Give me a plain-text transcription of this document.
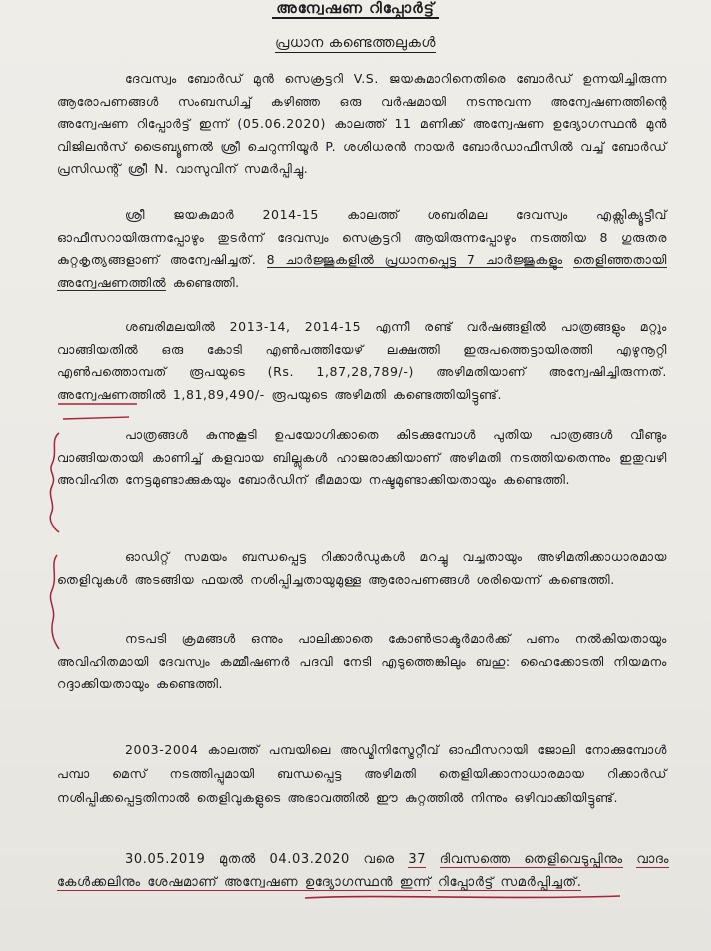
അന്വേഷണ റിപ്പോർട്ട്
പ്രധാന കണ്ടെത്തലുകൾ
ദേവസ്വം ബോർഡ് മുൻ സെക്രട്ടറി V.S. ജയകുമാറിനെതിരെ ബോർഡ് ഉന്നയിച്ചിരുന്ന ആരോപണങ്ങൾ സംബന്ധിച്ച് കഴിഞ്ഞ ഒരു വർഷമായി നടന്നുവന്ന അന്വേഷണത്തിന്റെ അന്വേഷണ റിപ്പോർട്ട് ഇന്ന് (05.06.2020) കാലത്ത് 11 മണിക്ക് അന്വേഷണ ഉദ്യോഗസ്ഥൻ മുൻ വിജിലൻസ് ട്രൈബ്യൂണൽ ശ്രീ ചെറുന്നിയൂർ P. ശശിധരൻ നായർ ബോർഡാഫീസിൽ വച്ച് ബോർഡ് പ്രസിഡന്റ് ശ്രീ N. വാസുവിന് സമർപ്പിച്ചു.
ശ്രീ ജയകുമാർ 2014-15 കാലത്ത് ശബരിമല ദേവസ്വം എക്സിക്യൂട്ടീവ് ഓഫീസറായിരുന്നപ്പോഴും തുടർന്ന് ദേവസ്വം സെക്രട്ടറി ആയിരുന്നപ്പോഴും നടത്തിയ 8 ഗുരുതര കുറ്റകൃത്യങ്ങളാണ് അന്വേഷിച്ചത്. 8 ചാർജ്ജുകളിൽ പ്രധാനപ്പെട്ട 7 ചാർജ്ജുകളും തെളിഞ്ഞതായി അന്വേഷണത്തിൽ കണ്ടെത്തി.
ശബരിമലയിൽ 2013-14, 2014-15 എന്നീ രണ്ട് വർഷങ്ങളിൽ പാത്രങ്ങളും മറ്റും വാങ്ങിയതിൽ ഒരു കോടി എൺപത്തിയേഴ് ലക്ഷത്തി ഇരുപത്തെട്ടായിരത്തി എഴുനൂറ്റി എൺപത്തൊമ്പത് രൂപയുടെ (Rs. 1,87,28,789/-) അഴിമതിയാണ് അന്വേഷിച്ചിരുന്നത്. അന്വേഷണത്തിൽ 1,81,89,490/- രൂപയുടെ അഴിമതി കണ്ടെത്തിയിട്ടുണ്ട്.
പാത്രങ്ങൾ കുന്നുകൂടി ഉപയോഗിക്കാതെ കിടക്കുമ്പോൾ പുതിയ പാത്രങ്ങൾ വീണ്ടും വാങ്ങിയതായി കാണിച്ച് കളവായ ബില്ലുകൾ ഹാജരാക്കിയാണ് അഴിമതി നടത്തിയതെന്നും ഇതുവഴി അവിഹിത നേട്ടമുണ്ടാക്കുകയും ബോർഡിന് ഭീമമായ നഷ്ടമുണ്ടാക്കിയതായും കണ്ടെത്തി.
ഓഡിറ്റ് സമയം ബന്ധപ്പെട്ട റിക്കാർഡുകൾ മറച്ചു വച്ചതായും അഴിമതിക്കാധാരമായ തെളിവുകൾ അടങ്ങിയ ഫയൽ നശിപ്പിച്ചതായുമുള്ള ആരോപണങ്ങൾ ശരിയെന്ന് കണ്ടെത്തി.
നടപടി ക്രമങ്ങൾ ഒന്നും പാലിക്കാതെ കോൺട്രാക്ടർമാർക്ക് പണം നൽകിയതായും അവിഹിതമായി ദേവസ്വം കമ്മീഷണർ പദവി നേടി എടുത്തെങ്കിലും ബഹു: ഹൈക്കോടതി നിയമനം റദ്ദാക്കിയതായും കണ്ടെത്തി.
2003-2004 കാലത്ത് പമ്പയിലെ അഡ്മിനിസ്ട്രേറ്റീവ് ഓഫീസറായി ജോലി നോക്കുമ്പോൾ പമ്പാ മെസ് നടത്തിപ്പുമായി ബന്ധപ്പെട്ട അഴിമതി തെളിയിക്കാനാധാരമായ റിക്കാർഡ് നശിപ്പിക്കപ്പെട്ടതിനാൽ തെളിവുകളുടെ അഭാവത്തിൽ ഈ കുറ്റത്തിൽ നിന്നും ഒഴിവാക്കിയിട്ടുണ്ട്.
30.05.2019 മുതൽ 04.03.2020 വരെ 37 ദിവസത്തെ തെളിവെടുപ്പിനും വാദം കേൾക്കലിനും ശേഷമാണ് അന്വേഷണ ഉദ്യോഗസ്ഥൻ ഇന്ന് റിപ്പോർട്ട് സമർപ്പിച്ചത്.
